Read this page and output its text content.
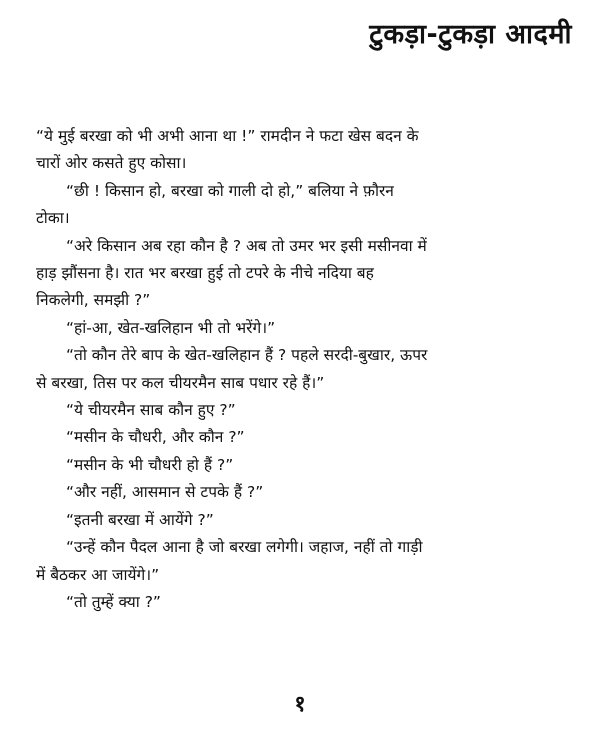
टुकड़ा-टुकड़ा आदमी

“ये मुई बरखा को भी अभी आना था !” रामदीन ने फटा खेस बदन के
चारों ओर कसते हुए कोसा।

“छी ! किसान हो, बरखा को गाली दो हो,” बलिया ने फ़ौरन
टोका।

“अरे किसान अब रहा कौन है ? अब तो उमर भर इसी मसीनवा में
हाड़ झौंसना है। रात भर बरखा हुई तो टपरे के नीचे नदिया बह
निकलेगी, समझी ?”

“हां-आ, खेत-खलिहान भी तो भरेंगे।”

“तो कौन तेरे बाप के खेत-खलिहान हैं ? पहले सरदी-बुखार, ऊपर
से बरखा, तिस पर कल चीयरमैन साब पधार रहे हैं।”

“ये चीयरमैन साब कौन हुए ?”

“मसीन के चौधरी, और कौन ?”

“मसीन के भी चौधरी हो हैं ?”

“और नहीं, आसमान से टपके हैं ?”

“इतनी बरखा में आयेंगे ?”

“उन्हें कौन पैदल आना है जो बरखा लगेगी। जहाज, नहीं तो गाड़ी
में बैठकर आ जायेंगे।”

“तो तुम्हें क्या ?”

१
